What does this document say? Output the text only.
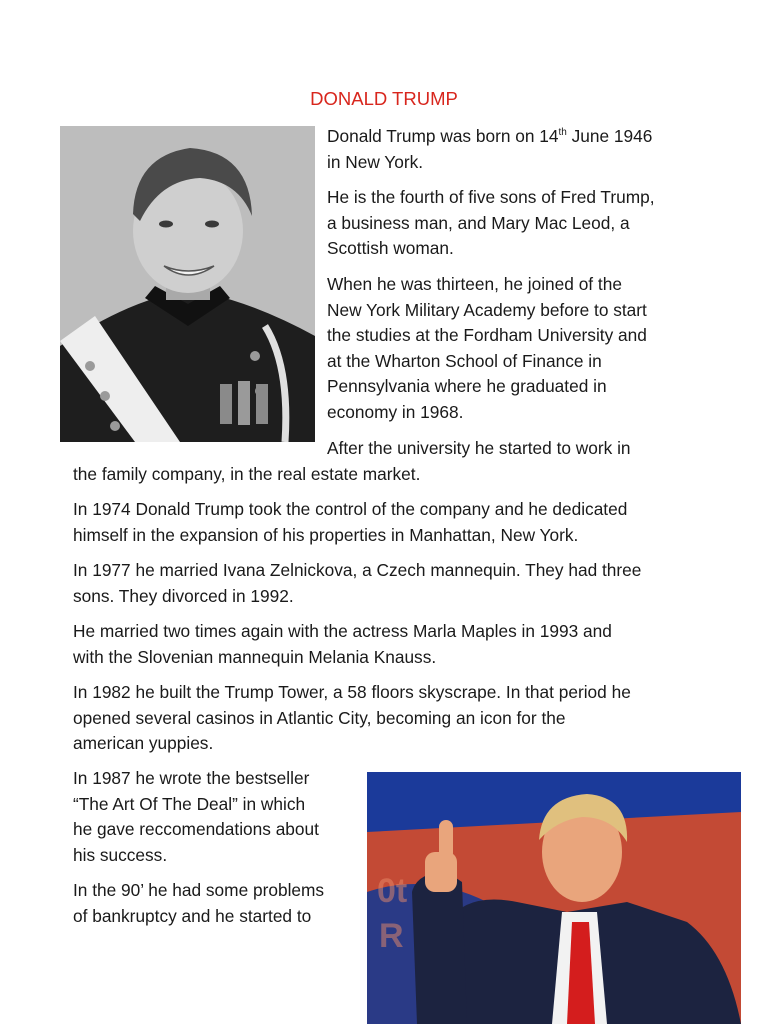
DONALD TRUMP

Donald Trump was born on 14th June 1946
in New York.

He is the fourth of five sons of Fred Trump,
a business man, and Mary Mac Leod, a
Scottish woman.

When he was thirteen, he joined of the
New York Military Academy before to start
the studies at the Fordham University and
at the Wharton School of Finance in
Pennsylvania where he graduated in
economy in 1968.

After the university he started to work in

the family company, in the real estate market.

In 1974 Donald Trump took the control of the company and he dedicated
himself in the expansion of his properties in Manhattan, New York.

In 1977 he married Ivana Zelnickova, a Czech mannequin. They had three
sons. They divorced in 1992.

He married two times again with the actress Marla Maples in 1993 and
with the Slovenian mannequin Melania Knauss.

In 1982 he built the Trump Tower, a 58 floors skyscrape. In that period he
opened several casinos in Atlantic City, becoming an icon for the
american yuppies.

In 1987 he wrote the bestseller
“The Art Of The Deal” in which
he gave reccomendations about
his success.

In the 90’ he had some problems
of bankruptcy and he started to

0t
R
